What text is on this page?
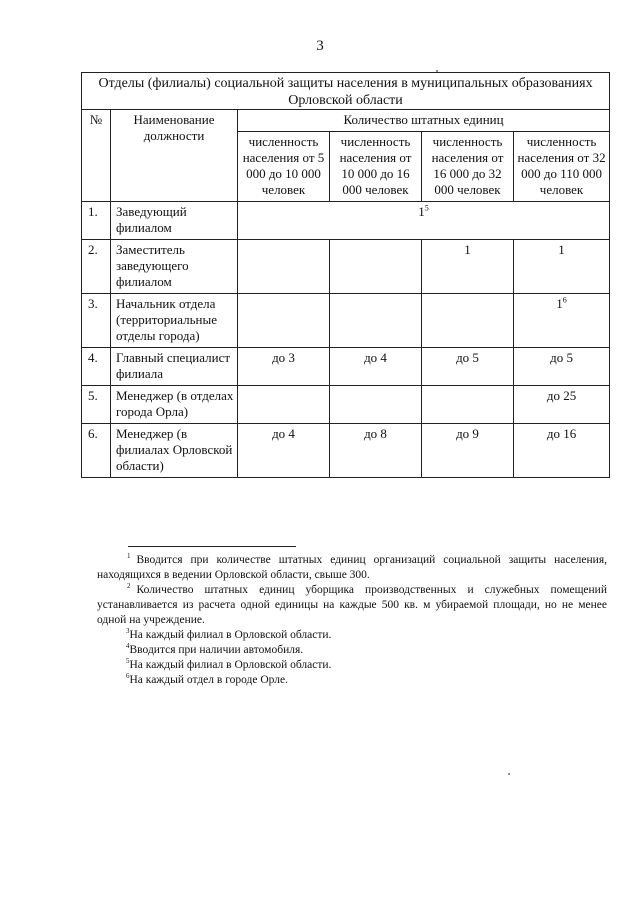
3
Отделы (филиалы) социальной защиты населения в муниципальных образованиях Орловской области					
№	Наименование должности	Количество штатных единиц			
		численность населения от 5 000 до 10 000 человек	численность населения от 10 000 до 16 000 человек	численность населения от 16 000 до 32 000 человек	численность населения от 32 000 до 110 000 человек
1.	Заведующий филиалом	$1^5$
2.	Заместитель заведующего филиалом			1	1
3.	Начальник отдела (территориальные отделы города)				$1^6$
4.	Главный специалист филиала	до 3	до 4	до 5	до 5
5.	Менеджер (в отделах города Орла)				до 25
6.	Менеджер (в филиалах Орловской области)	до 4	до 8	до 9	до 16

$^1$ Вводится при количестве штатных единиц организаций социальной защиты населения, находящихся в ведении Орловской области, свыше 300.

$^2$ Количество штатных единиц уборщика производственных и служебных помещений устанавливается из расчета одной единицы на каждые 500 кв. м убираемой площади, но не менее одной на учреждение.

$^3$На каждый филиал в Орловской области.

$^4$Вводится при наличии автомобиля.

$^5$На каждый филиал в Орловской области.

$^6$На каждый отдел в городе Орле.
